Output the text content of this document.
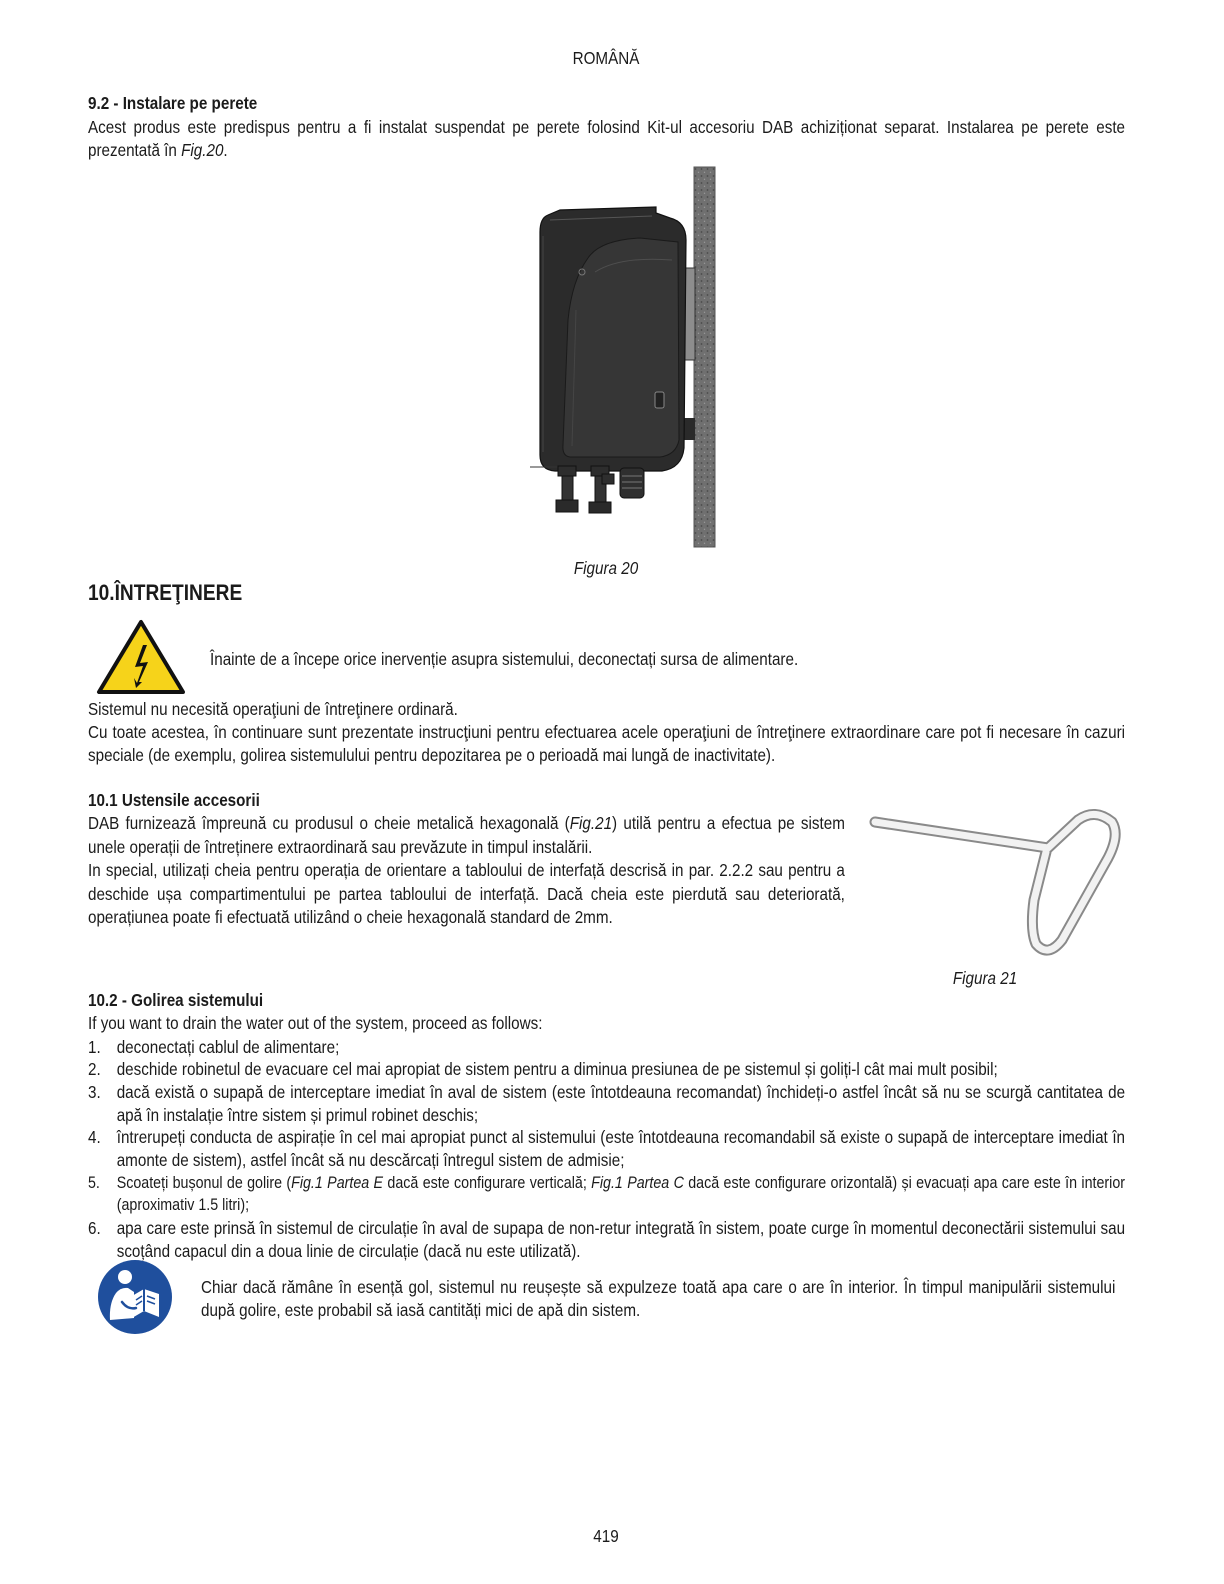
ROMÂNĂ
9.2 - Instalare pe perete

Acest produs este predispus pentru a fi instalat suspendat pe perete folosind Kit-ul accesoriu DAB achiziționat separat. Instalarea pe perete este prezentată în Fig.20.

Figura 20
10.ÎNTREŢINERE
Înainte de a începe orice inervenție asupra sistemului, deconectați sursa de alimentare.
Sistemul nu necesită operaţiuni de întreţinere ordinară.
Cu toate acestea, în continuare sunt prezentate instrucţiuni pentru efectuarea acele operaţiuni de întreţinere extraordinare care pot fi necesare în cazuri speciale (de exemplu, golirea sistemulului pentru depozitarea pe o perioadă mai lungă de inactivitate).
10.1 Ustensile accesorii

DAB furnizează împreună cu produsul o cheie metalică hexagonală (Fig.21) utilă pentru a efectua pe sistem unele operații de întreținere extraordinară sau prevăzute in timpul instalării.

In special, utilizați cheia pentru operația de orientare a tabloului de interfață descrisă in par. 2.2.2 sau pentru a deschide ușa compartimentului pe partea tabloului de interfață. Dacă cheia este pierdută sau deteriorată, operațiunea poate fi efectuată utilizând o cheie hexagonală standard de 2mm.

Figura 21
10.2 - Golirea sistemului
If you want to drain the water out of the system, proceed as follows:
1. deconectați cablul de alimentare;
2. deschide robinetul de evacuare cel mai apropiat de sistem pentru a diminua presiunea de pe sistemul și goliți-l cât mai mult posibil;
3. dacă există o supapă de interceptare imediat în aval de sistem (este întotdeauna recomandat) închideți-o astfel încât să nu se scurgă cantitatea de apă în instalație între sistem și primul robinet deschis;
4. întrerupeți conducta de aspirație în cel mai apropiat punct al sistemului (este întotdeauna recomandabil să existe o supapă de interceptare imediat în amonte de sistem), astfel încât să nu descărcați întregul sistem de admisie;
5. Scoateți bușonul de golire (Fig.1 Partea E dacă este configurare verticală; Fig.1 Partea C dacă este configurare orizontală) și evacuați apa care este în interior (aproximativ 1.5 litri);
6. apa care este prinsă în sistemul de circulație în aval de supapa de non-retur integrată în sistem, poate curge în momentul deconectării sistemului sau scoțând capacul din a doua linie de circulație (dacă nu este utilizată).
Chiar dacă rămâne în esență gol, sistemul nu reușește să expulzeze toată apa care o are în interior. În timpul manipulării sistemului după golire, este probabil să iasă cantități mici de apă din sistem.
419
